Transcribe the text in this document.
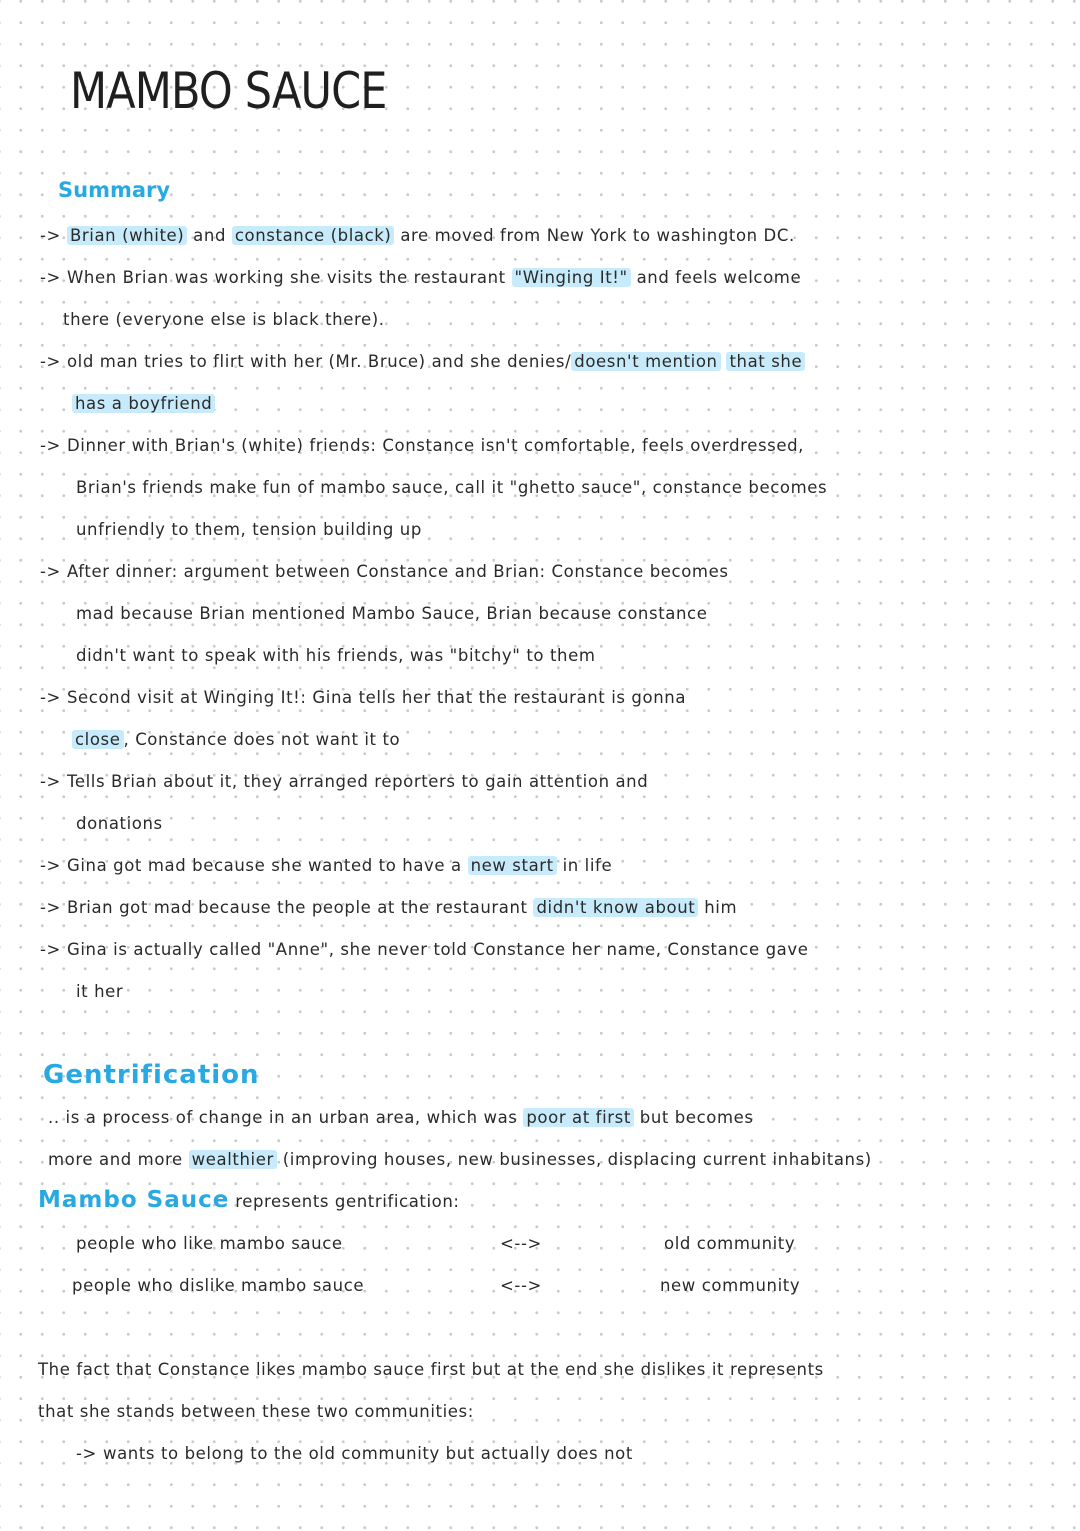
MAMBO SAUCE
Summary
-> Brian (white) and constance (black) are moved from New York to washington DC.
-> When Brian was working she visits the restaurant "Winging It!" and feels welcome
there (everyone else is black there).
-> old man tries to flirt with her (Mr. Bruce) and she denies/ doesn't mention that she
has a boyfriend
-> Dinner with Brian's (white) friends: Constance isn't comfortable, feels overdressed,
Brian's friends make fun of mambo sauce, call it "ghetto sauce", constance becomes
unfriendly to them, tension building up
-> After dinner: argument between Constance and Brian: Constance becomes
mad because Brian mentioned Mambo Sauce, Brian because constance
didn't want to speak with his friends, was "bitchy" to them
-> Second visit at Winging It!: Gina tells her that the restaurant is gonna
close , Constance does not want it to
-> Tells Brian about it, they arranged reporters to gain attention and
donations
-> Gina got mad because she wanted to have a new start in life
-> Brian got mad because the people at the restaurant didn't know about him
-> Gina is actually called "Anne", she never told Constance her name, Constance gave
it her
Gentrification
.. is a process of change in an urban area, which was poor at first but becomes
more and more wealthier (improving houses, new businesses, displacing current inhabitans)
Mambo Sauce represents gentrification:
people who like mambo sauce	<-->	old community
people who dislike mambo sauce	<-->	new community
The fact that Constance likes mambo sauce first but at the end she dislikes it represents
that she stands between these two communities:
-> wants to belong to the old community but actually does not
